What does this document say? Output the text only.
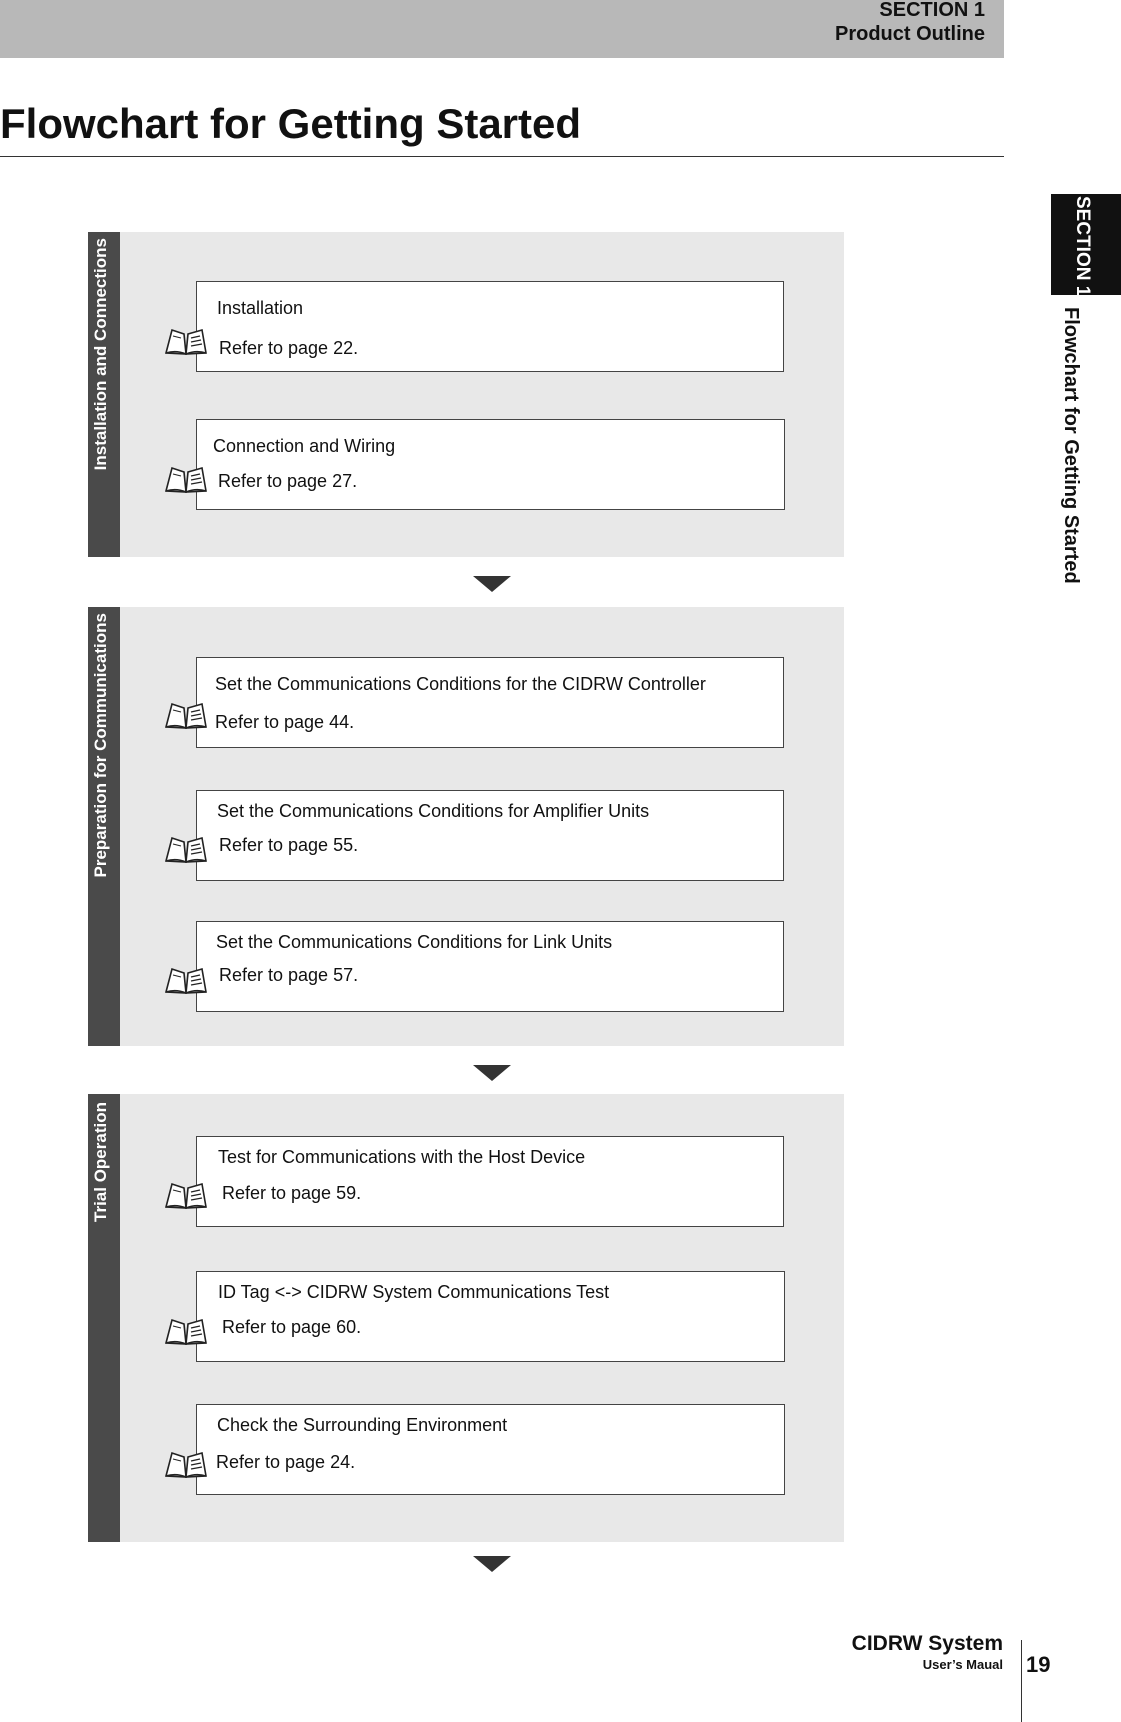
SECTION 1
Product Outline
Flowchart for Getting Started
SECTION 1
Flowchart for Getting Started
Installation and Connections	Installation
Refer to page 22.
Connection and Wiring
Refer to page 27.
Preparation for Communications	Set the Communications Conditions for the CIDRW Controller
Refer to page 44.
Set the Communications Conditions for Amplifier Units
Refer to page 55.
Set the Communications Conditions for Link Units
Refer to page 57.
Trial Operation	Test for Communications with the Host Device
Refer to page 59.
ID Tag <-> CIDRW System Communications Test
Refer to page 60.
Check the Surrounding Environment
Refer to page 24.
CIDRW System
User’s Maual 19
